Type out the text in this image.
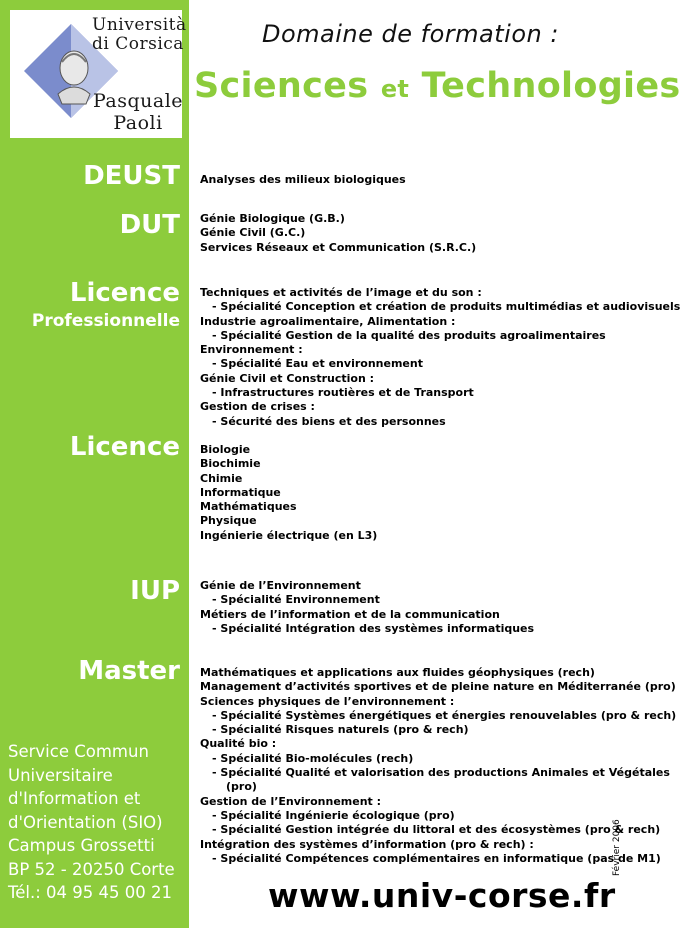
Università
di Corsica
Pasquale
Paoli
Domaine de formation :
Sciences et Technologies
DEUST
DUT
Licence
Professionnelle
Licence
IUP
Master
Analyses des milieux biologiques
Génie Biologique (G.B.)
Génie Civil (G.C.)
Services Réseaux et Communication (S.R.C.)
Techniques et activités de l’image et du son :
- Spécialité Conception et création de produits multimédias et audiovisuels
Industrie agroalimentaire, Alimentation :
- Spécialité Gestion de la qualité des produits agroalimentaires
Environnement :
- Spécialité Eau et environnement
Génie Civil et Construction :
- Infrastructures routières et de Transport
Gestion de crises :
- Sécurité des biens et des personnes
Biologie
Biochimie
Chimie
Informatique
Mathématiques
Physique
Ingénierie électrique (en L3)
Génie de l’Environnement
- Spécialité Environnement
Métiers de l’information et de la communication
- Spécialité Intégration des systèmes informatiques
Mathématiques et applications aux fluides géophysiques (rech)
Management d’activités sportives et de pleine nature en Méditerranée (pro)
Sciences physiques de l’environnement :
- Spécialité Systèmes énergétiques et énergies renouvelables (pro & rech)
- Spécialité Risques naturels (pro & rech)
Qualité bio :
- Spécialité Bio-molécules (rech)
- Spécialité Qualité et valorisation des productions Animales et Végétales
(pro)
Gestion de l’Environnement :
- Spécialité Ingénierie écologique (pro)
- Spécialité Gestion intégrée du littoral et des écosystèmes (pro & rech)
Intégration des systèmes d’information (pro & rech) :
- Spécialité Compétences complémentaires en informatique (pas de M1)
Service Commun
Universitaire
d'Information et
d'Orientation (SIO)
Campus Grossetti
BP 52 - 20250 Corte
Tél.: 04 95 45 00 21
Février 2006
www.univ-corse.fr
